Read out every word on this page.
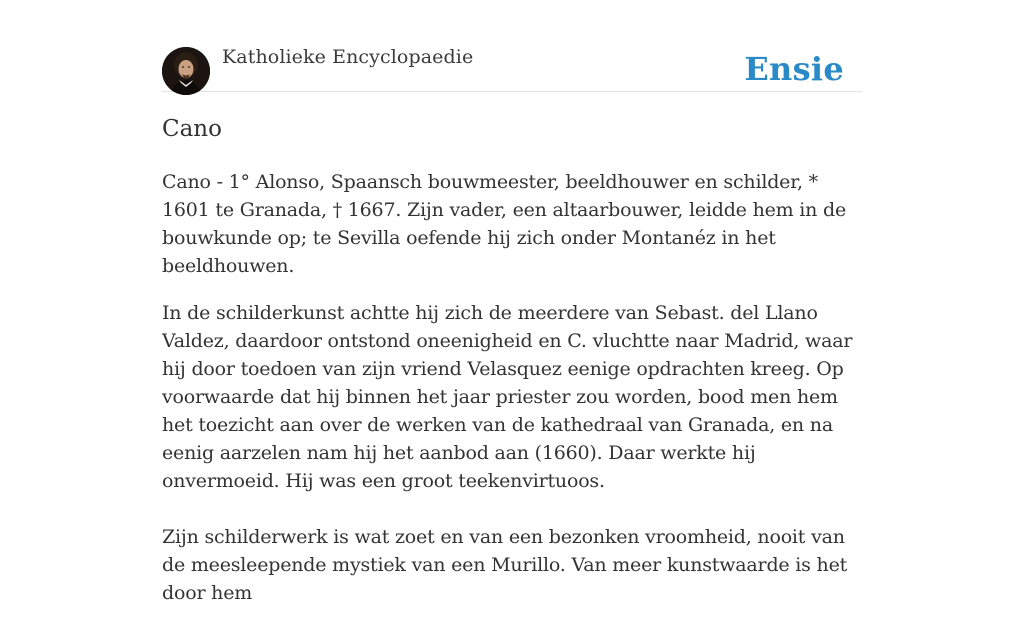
Katholieke Encyclopaedie	Ensie
Cano

Cano - 1° Alonso, Spaansch bouwmeester, beeldhouwer en schilder, * 1601 te Granada, † 1667. Zijn vader, een altaarbouwer, leidde hem in de bouwkunde op; te Sevilla oefende hij zich onder Montanéz in het beeldhouwen.

In de schilderkunst achtte hij zich de meerdere van Sebast. del Llano Valdez, daardoor ontstond oneenigheid en C. vluchtte naar Madrid, waar hij door toedoen van zijn vriend Velasquez eenige opdrachten kreeg. Op voorwaarde dat hij binnen het jaar priester zou worden, bood men hem het toezicht aan over de werken van de kathedraal van Granada, en na eenig aarzelen nam hij het aanbod aan (1660). Daar werkte hij onvermoeid. Hij was een groot teekenvirtuoos.

Zijn schilderwerk is wat zoet en van een bezonken vroomheid, nooit van de meesleepende mystiek van een Murillo. Van meer kunstwaarde is het door hem
